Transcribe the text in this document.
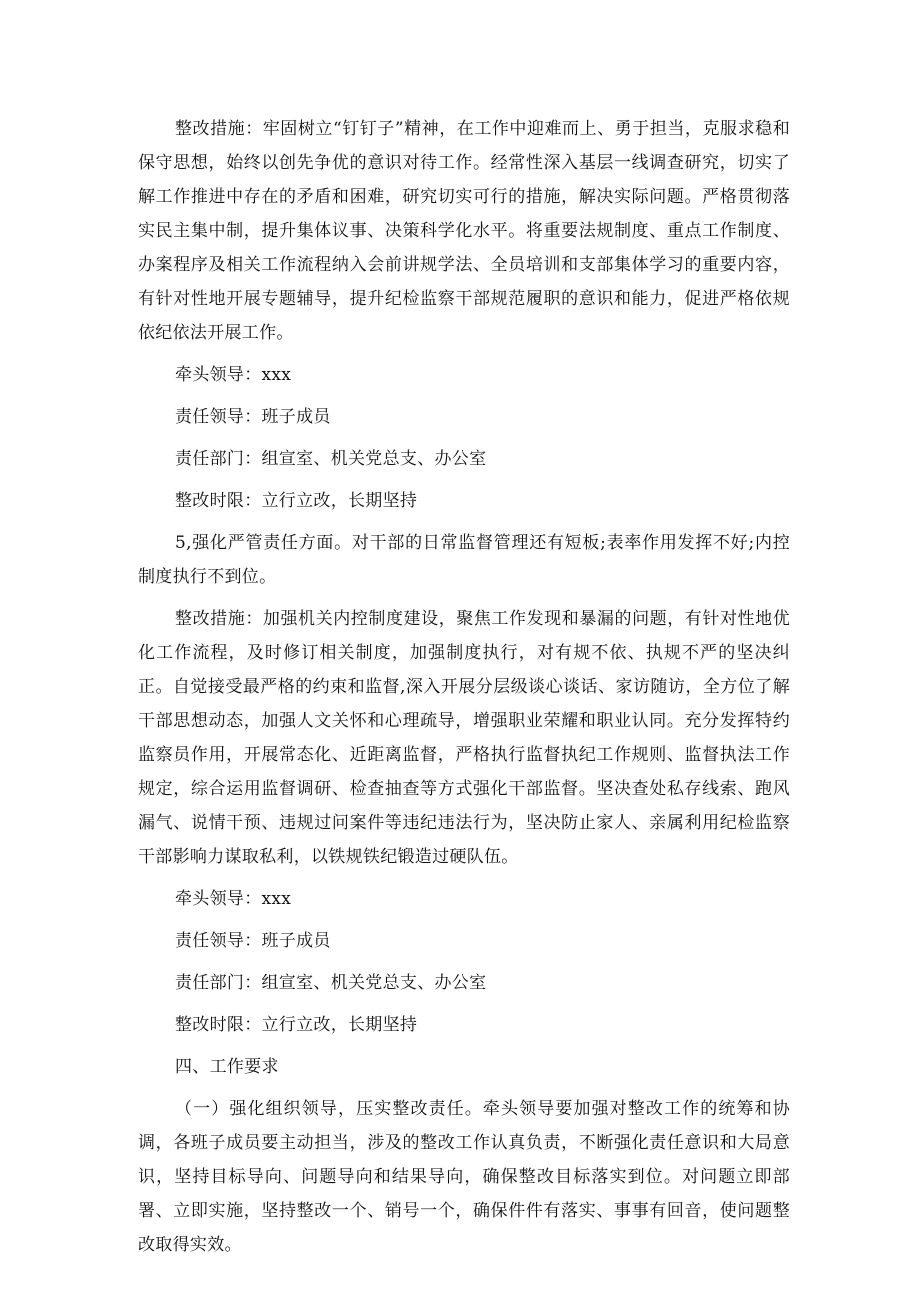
整改措施：牢固树立“钉钉子”精神，在工作中迎难而上、勇于担当，克服求稳和保守思想，始终以创先争优的意识对待工作。经常性深入基层一线调查研究，切实了解工作推进中存在的矛盾和困难，研究切实可行的措施，解决实际问题。严格贯彻落实民主集中制，提升集体议事、决策科学化水平。将重要法规制度、重点工作制度、办案程序及相关工作流程纳入会前讲规学法、全员培训和支部集体学习的重要内容，有针对性地开展专题辅导，提升纪检监察干部规范履职的意识和能力，促进严格依规依纪依法开展工作。

牵头领导：xxx

责任领导：班子成员

责任部门：组宣室、机关党总支、办公室

整改时限：立行立改，长期坚持

5,强化严管责任方面。对干部的日常监督管理还有短板;表率作用发挥不好;内控制度执行不到位。

整改措施：加强机关内控制度建设，聚焦工作发现和暴漏的问题，有针对性地优化工作流程，及时修订相关制度，加强制度执行，对有规不依、执规不严的坚决纠正。自觉接受最严格的约束和监督,深入开展分层级谈心谈话、家访随访，全方位了解干部思想动态，加强人文关怀和心理疏导，增强职业荣耀和职业认同。充分发挥特约监察员作用，开展常态化、近距离监督，严格执行监督执纪工作规则、监督执法工作规定，综合运用监督调研、检查抽查等方式强化干部监督。坚决查处私存线索、跑风漏气、说情干预、违规过问案件等违纪违法行为，坚决防止家人、亲属利用纪检监察干部影响力谋取私利，以铁规铁纪锻造过硬队伍。

牵头领导：xxx

责任领导：班子成员

责任部门：组宣室、机关党总支、办公室

整改时限：立行立改，长期坚持

四、工作要求

（一）强化组织领导，压实整改责任。牵头领导要加强对整改工作的统筹和协调，各班子成员要主动担当，涉及的整改工作认真负责，不断强化责任意识和大局意识，坚持目标导向、问题导向和结果导向，确保整改目标落实到位。对问题立即部署、立即实施，坚持整改一个、销号一个，确保件件有落实、事事有回音，使问题整改取得实效。
